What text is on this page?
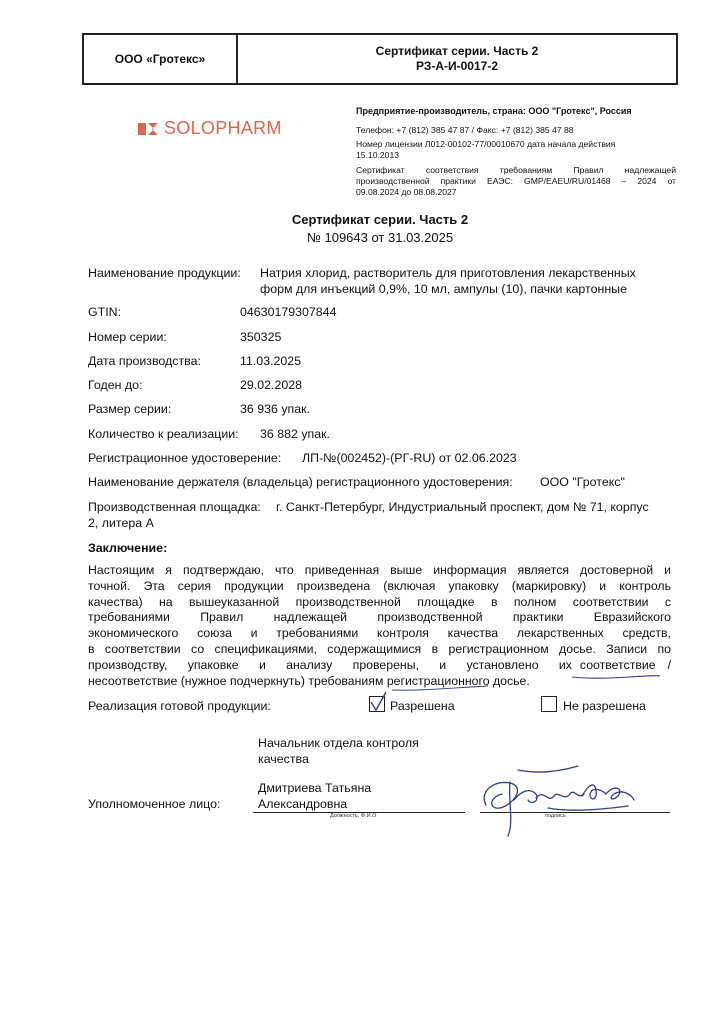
ООО «Гротекс»
Сертификат серии. Часть 2
РЗ-А-И-0017-2
SOLOPHARM
Предприятие-производитель, страна: ООО "Гротекс", Россия
Телефон: +7 (812) 385 47 87 / Факс: +7 (812) 385 47 88
Номер лицензии Л012-00102-77/00010670 дата начала действия
15.10.2013
Сертификат соответствия требованиям Правил надлежащей
производственной практики ЕАЭС: GMP/EAEU/RU/01468 – 2024 от
09.08.2024 до 08.08.2027
Сертификат серии. Часть 2
№ 109643 от 31.03.2025
Наименование продукции: Натрия хлорид, растворитель для приготовления лекарственных
форм для инъекций 0,9%, 10 мл, ампулы (10), пачки картонные
GTIN:	04630179307844
Номер серии:	350325
Дата производства:	11.03.2025
Годен до:	29.02.2028
Размер серии:	36 936 упак.
Количество к реализации: 36 882 упак.
Регистрационное удостоверение: ЛП-№(002452)-(РГ-RU) от 02.06.2023
Наименование держателя (владельца) регистрационного удостоверения: ООО "Гротекс"
Производственная площадка: г. Санкт-Петербург, Индустриальный проспект, дом № 71, корпус
2, литера А
Заключение:
Настоящим я подтверждаю, что приведенная выше информация является достоверной и
точной. Эта серия продукции произведена (включая упаковку (маркировку) и контроль
качества) на вышеуказанной производственной площадке в полном соответствии с
требованиями Правил надлежащей производственной практики Евразийского
экономического союза и требованиями контроля качества лекарственных средств,
в соответствии со спецификациями, содержащимися в регистрационном досье. Записи по
производству, упаковке и анализу проверены, и установлено их соответствие /
несоответствие (нужное подчеркнуть) требованиям регистрационного досье.
Реализация готовой продукции:	Разрешена	Не разрешена
Начальник отдела контроля
качества
Дмитриева Татьяна
Александровна
Уполномоченное лицо:
Должность, Ф.И.О	подпись
